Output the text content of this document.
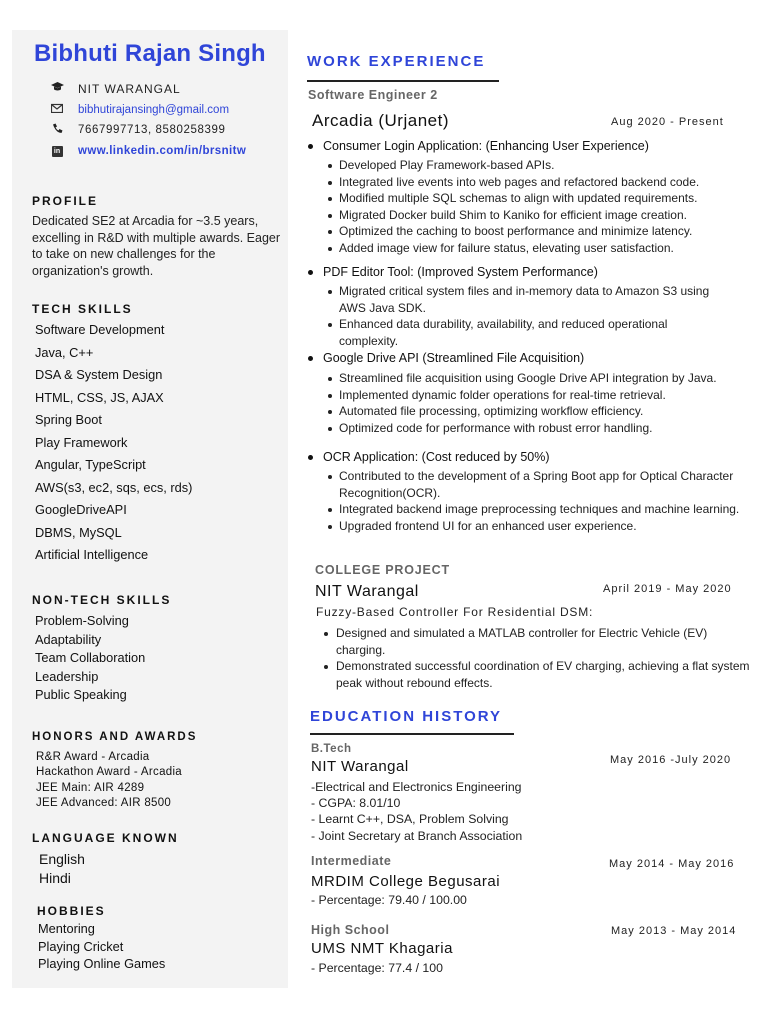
Bibhuti Rajan Singh
NIT WARANGAL
bibhutirajansingh@gmail.com
7667997713, 8580258399
in	www.linkedin.com/in/brsnitw
PROFILE
Dedicated SE2 at Arcadia for ~3.5 years, excelling in R&D with multiple awards. Eager to take on new challenges for the organization's growth.
TECH SKILLS
Software Development
Java, C++
DSA & System Design
HTML, CSS, JS, AJAX
Spring Boot
Play Framework
Angular, TypeScript
AWS(s3, ec2, sqs, ecs, rds)
GoogleDriveAPI
DBMS, MySQL
Artificial Intelligence
NON-TECH SKILLS
Problem-Solving
Adaptability
Team Collaboration
Leadership
Public Speaking
HONORS AND AWARDS
R&R Award - Arcadia
Hackathon Award - Arcadia
JEE Main: AIR 4289
JEE Advanced: AIR 8500
LANGUAGE KNOWN
English
Hindi
HOBBIES
Mentoring
Playing Cricket
Playing Online Games
WORK EXPERIENCE
Software Engineer 2
Arcadia (Urjanet)	Aug 2020 - Present
Consumer Login Application: (Enhancing User Experience)
Developed Play Framework-based APIs.
Integrated live events into web pages and refactored backend code.
Modified multiple SQL schemas to align with updated requirements.
Migrated Docker build Shim to Kaniko for efficient image creation.
Optimized the caching to boost performance and minimize latency.
Added image view for failure status, elevating user satisfaction.
PDF Editor Tool: (Improved System Performance)
Migrated critical system files and in-memory data to Amazon S3 using AWS Java SDK.
Enhanced data durability, availability, and reduced operational complexity.
Google Drive API (Streamlined File Acquisition)
Streamlined file acquisition using Google Drive API integration by Java.
Implemented dynamic folder operations for real-time retrieval.
Automated file processing, optimizing workflow efficiency.
Optimized code for performance with robust error handling.
OCR Application: (Cost reduced by 50%)
Contributed to the development of a Spring Boot app for Optical Character Recognition(OCR).
Integrated backend image preprocessing techniques and machine learning.
Upgraded frontend UI for an enhanced user experience.
COLLEGE PROJECT
NIT Warangal	April 2019 - May 2020
Fuzzy-Based Controller For Residential DSM:
Designed and simulated a MATLAB controller for Electric Vehicle (EV) charging.
Demonstrated successful coordination of EV charging, achieving a flat system peak without rebound effects.
EDUCATION HISTORY
B.Tech
NIT Warangal	May 2016 -July 2020
-Electrical and Electronics Engineering
- CGPA: 8.01/10
- Learnt C++, DSA, Problem Solving
- Joint Secretary at Branch Association
Intermediate
MRDIM College Begusarai
May 2014 - May 2016
- Percentage: 79.40 / 100.00
High School
UMS NMT Khagaria
May 2013 - May 2014
- Percentage: 77.4 / 100
